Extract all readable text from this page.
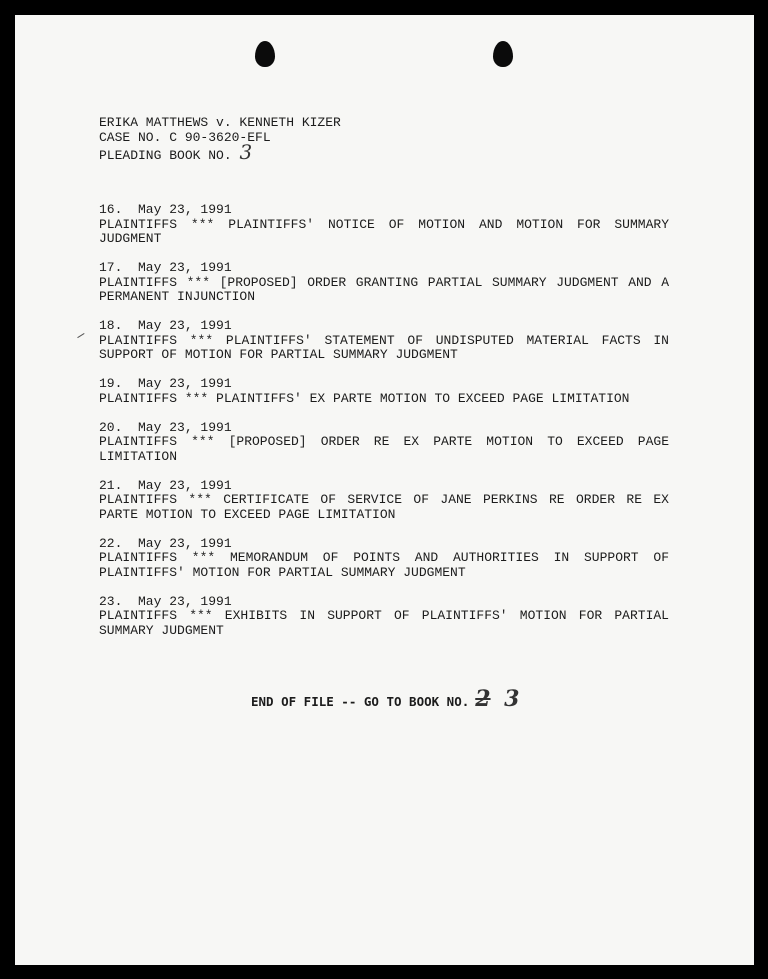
ERIKA MATTHEWS v. KENNETH KIZER
CASE NO. C 90-3620-EFL
PLEADING BOOK NO. 3
16.  May 23, 1991
PLAINTIFFS *** PLAINTIFFS' NOTICE OF MOTION AND MOTION FOR SUMMARY JUDGMENT
17.  May 23, 1991
PLAINTIFFS *** [PROPOSED] ORDER GRANTING PARTIAL SUMMARY JUDGMENT AND A PERMANENT INJUNCTION
18.  May 23, 1991
PLAINTIFFS *** PLAINTIFFS' STATEMENT OF UNDISPUTED MATERIAL FACTS IN SUPPORT OF MOTION FOR PARTIAL SUMMARY JUDGMENT
19.  May 23, 1991
PLAINTIFFS *** PLAINTIFFS' EX PARTE MOTION TO EXCEED PAGE LIMITATION
20.  May 23, 1991
PLAINTIFFS *** [PROPOSED] ORDER RE EX PARTE MOTION TO EXCEED PAGE LIMITATION
21.  May 23, 1991
PLAINTIFFS *** CERTIFICATE OF SERVICE OF JANE PERKINS RE ORDER RE EX PARTE MOTION TO EXCEED PAGE LIMITATION
22.  May 23, 1991
PLAINTIFFS *** MEMORANDUM OF POINTS AND AUTHORITIES IN SUPPORT OF PLAINTIFFS' MOTION FOR PARTIAL SUMMARY JUDGMENT
23.  May 23, 1991
PLAINTIFFS *** EXHIBITS IN SUPPORT OF PLAINTIFFS' MOTION FOR PARTIAL SUMMARY JUDGMENT
END OF FILE -- GO TO BOOK NO. 2 3
